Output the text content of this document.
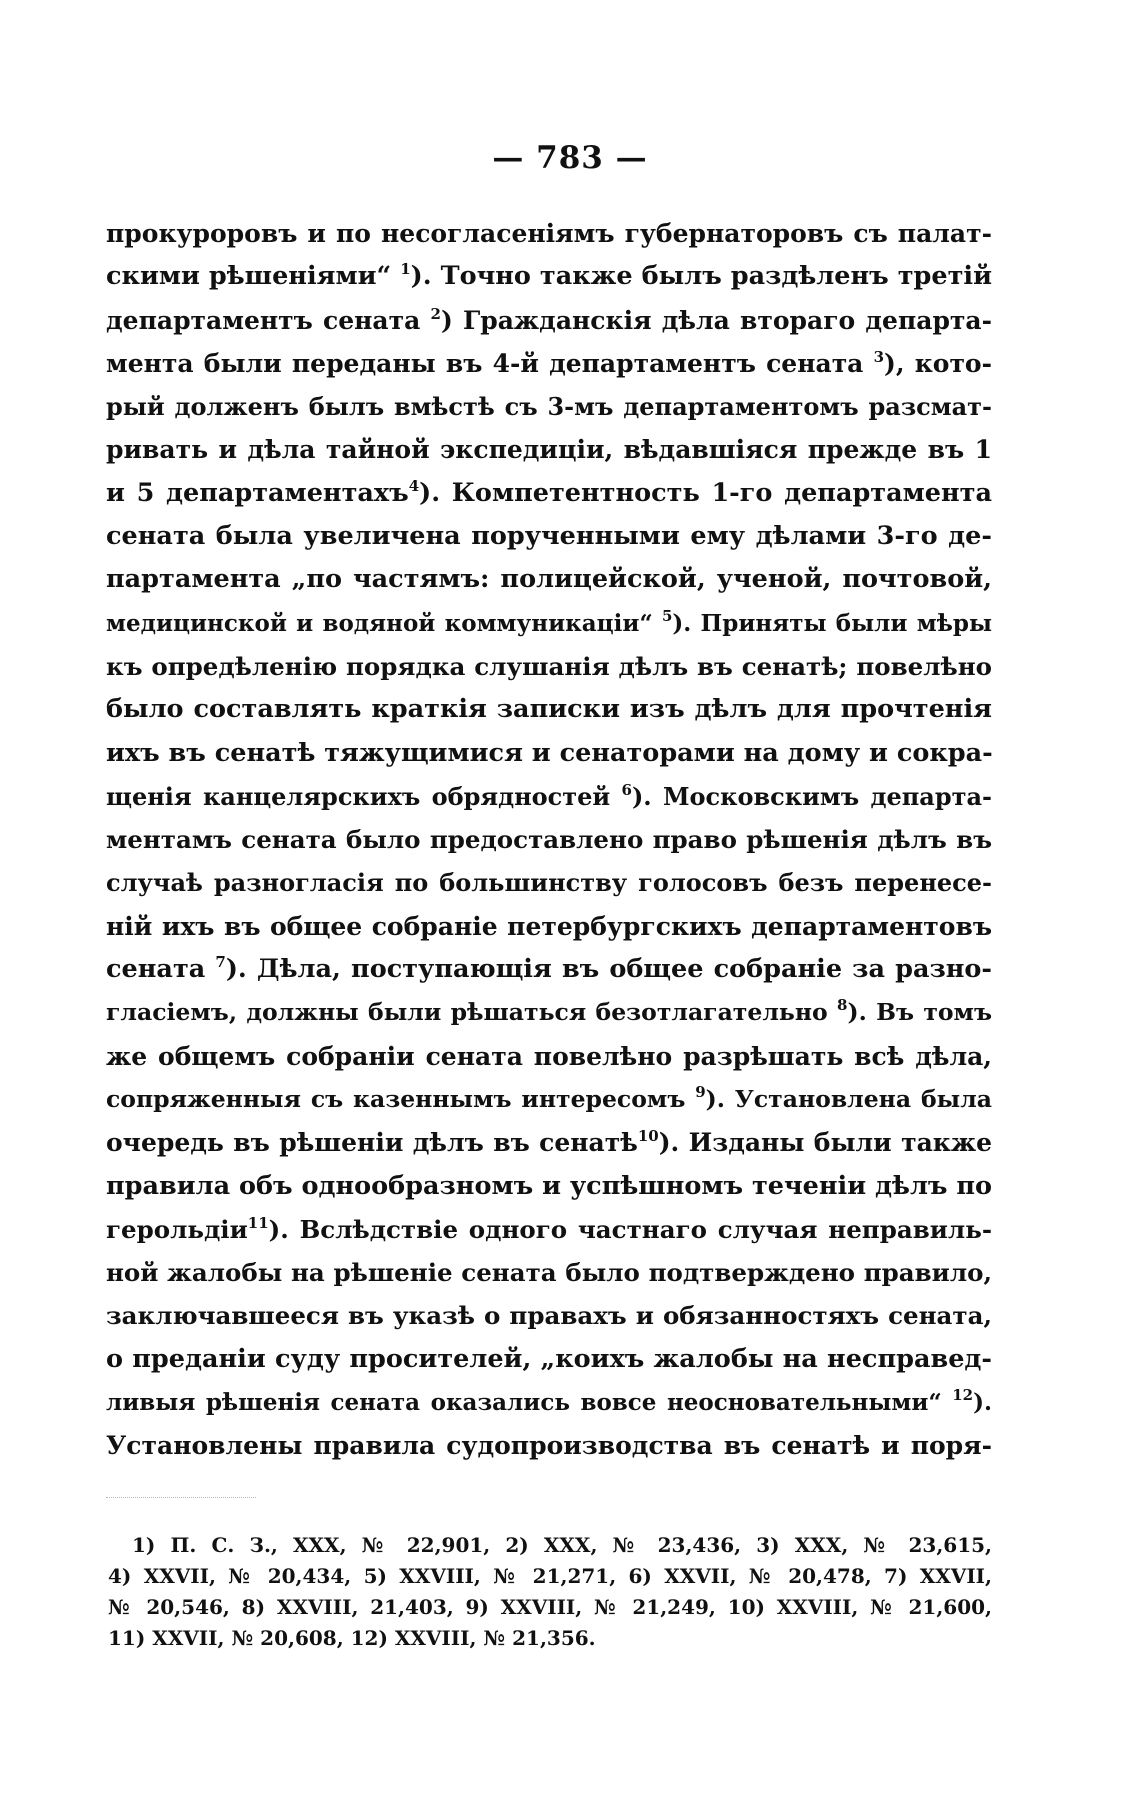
— 783 —
прокуроровъ и по несогласеніямъ губернаторовъ съ палат-
скими рѣшеніями“ $^1$). Точно также былъ раздѣленъ третій
департаментъ сената $^2$) Гражданскія дѣла втораго департа-
мента были переданы въ 4-й департаментъ сената $^3$), кото-
рый долженъ былъ вмѣстѣ съ 3-мъ департаментомъ разсмат-
ривать и дѣла тайной экспедиціи, вѣдавшіяся прежде въ 1
и 5 департаментахъ$^4$). Компетентность 1-го департамента
сената была увеличена порученными ему дѣлами 3-го де-
партамента „по частямъ: полицейской, ученой, почтовой,
медицинской и водяной коммуникаціи“ $^5$). Приняты были мѣры
къ опредѣленію порядка слушанія дѣлъ въ сенатѣ; повелѣно
было составлять краткія записки изъ дѣлъ для прочтенія
ихъ въ сенатѣ тяжущимися и сенаторами на дому и сокра-
щенія канцелярскихъ обрядностей $^6$). Московскимъ департа-
ментамъ сената было предоставлено право рѣшенія дѣлъ въ
случаѣ разногласія по большинству голосовъ безъ перенесе-
ній ихъ въ общее собраніе петербургскихъ департаментовъ
сената $^7$). Дѣла, поступающія въ общее собраніе за разно-
гласіемъ, должны были рѣшаться безотлагательно $^8$). Въ томъ
же общемъ собраніи сената повелѣно разрѣшать всѣ дѣла,
сопряженныя съ казеннымъ интересомъ $^9$). Установлена была
очередь въ рѣшеніи дѣлъ въ сенатѣ$^{10}$). Изданы были также
правила объ однообразномъ и успѣшномъ теченіи дѣлъ по
герольдіи$^{11}$). Вслѣдствіе одного частнаго случая неправиль-
ной жалобы на рѣшеніе сената было подтверждено правило,
заключавшееся въ указѣ о правахъ и обязанностяхъ сената,
о преданіи суду просителей, „коихъ жалобы на несправед-
ливыя рѣшенія сената оказались вовсе неосновательными“ $^{12}$).
Установлены правила судопроизводства въ сенатѣ и поря-
1) П. С. З., XXX, № 22,901, 2) XXX, № 23,436, 3) XXX, № 23,615,
4) XXVII, № 20,434, 5) XXVIII, № 21,271, 6) XXVII, № 20,478, 7) XXVII,
№ 20,546, 8) XXVIII, 21,403, 9) XXVIII, № 21,249, 10) XXVIII, № 21,600,
11) XXVII, № 20,608, 12) XXVIII, № 21,356.
